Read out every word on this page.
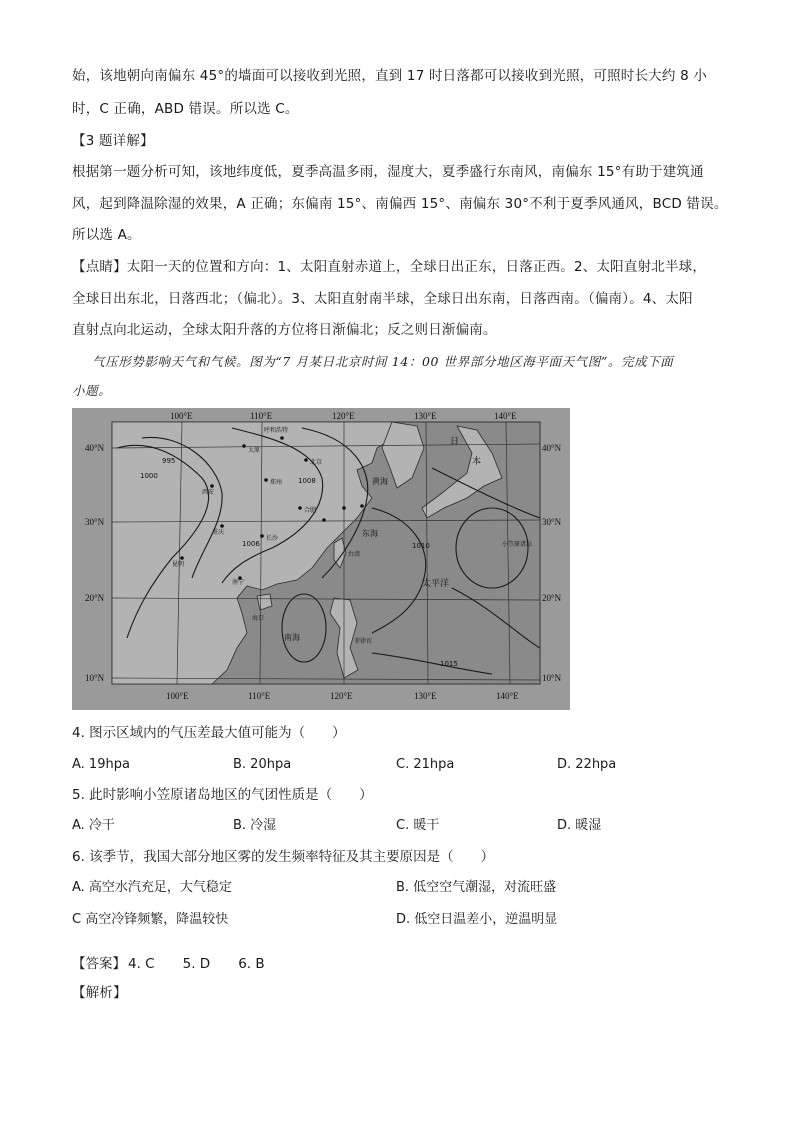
始，该地朝向南偏东 45°的墙面可以接收到光照，直到 17 时日落都可以接收到光照，可照时长大约 8 小
时，C 正确，ABD 错误。所以选 C。
【3 题详解】
根据第一题分析可知，该地纬度低，夏季高温多雨，湿度大，夏季盛行东南风，南偏东 15°有助于建筑通
风，起到降温除湿的效果，A 正确；东偏南 15°、南偏西 15°、南偏东 30°不利于夏季风通风，BCD 错误。
所以选 A。
【点睛】太阳一天的位置和方向：1、太阳直射赤道上，全球日出正东，日落正西。2、太阳直射北半球，
全球日出东北，日落西北；（偏北）。3、太阳直射南半球，全球日出东南，日落西南。（偏南）。4、太阳
直射点向北运动，全球太阳升落的方位将日渐偏北；反之则日渐偏南。
气压形势影响天气和气候。图为“7 月某日北京时间 14：00 世界部分地区海平面天气图”。完成下面
小题。
995
1000
1006
1008
1010
1015
呼和浩特
太原
北京
郑州
西安
合肥
重庆
长沙
昆明
南宁
台湾
海口
菲律宾
日
本
黄海
东海
太平洋
小笠原诸岛
南海
100°E	110°E	120°E	130°E	140°E
100°E	110°E	120°E	130°E	140°E
40°N
30°N
20°N
10°N
40°N
30°N
20°N
10°N
4. 图示区域内的气压差最大值可能为（　　）
A. 19hpa	B. 20hpa	C. 21hpa	D. 22hpa
5. 此时影响小笠原诸岛地区的气团性质是（　　）
A. 冷干	B. 冷湿	C. 暖干	D. 暖湿
6. 该季节，我国大部分地区雾的发生频率特征及其主要原因是（　　）
A. 高空水汽充足，大气稳定	B. 低空空气潮湿，对流旺盛
C 高空冷锋频繁，降温较快	D. 低空日温差小，逆温明显
【答案】 4. C 5. D 6. B
【解析】
